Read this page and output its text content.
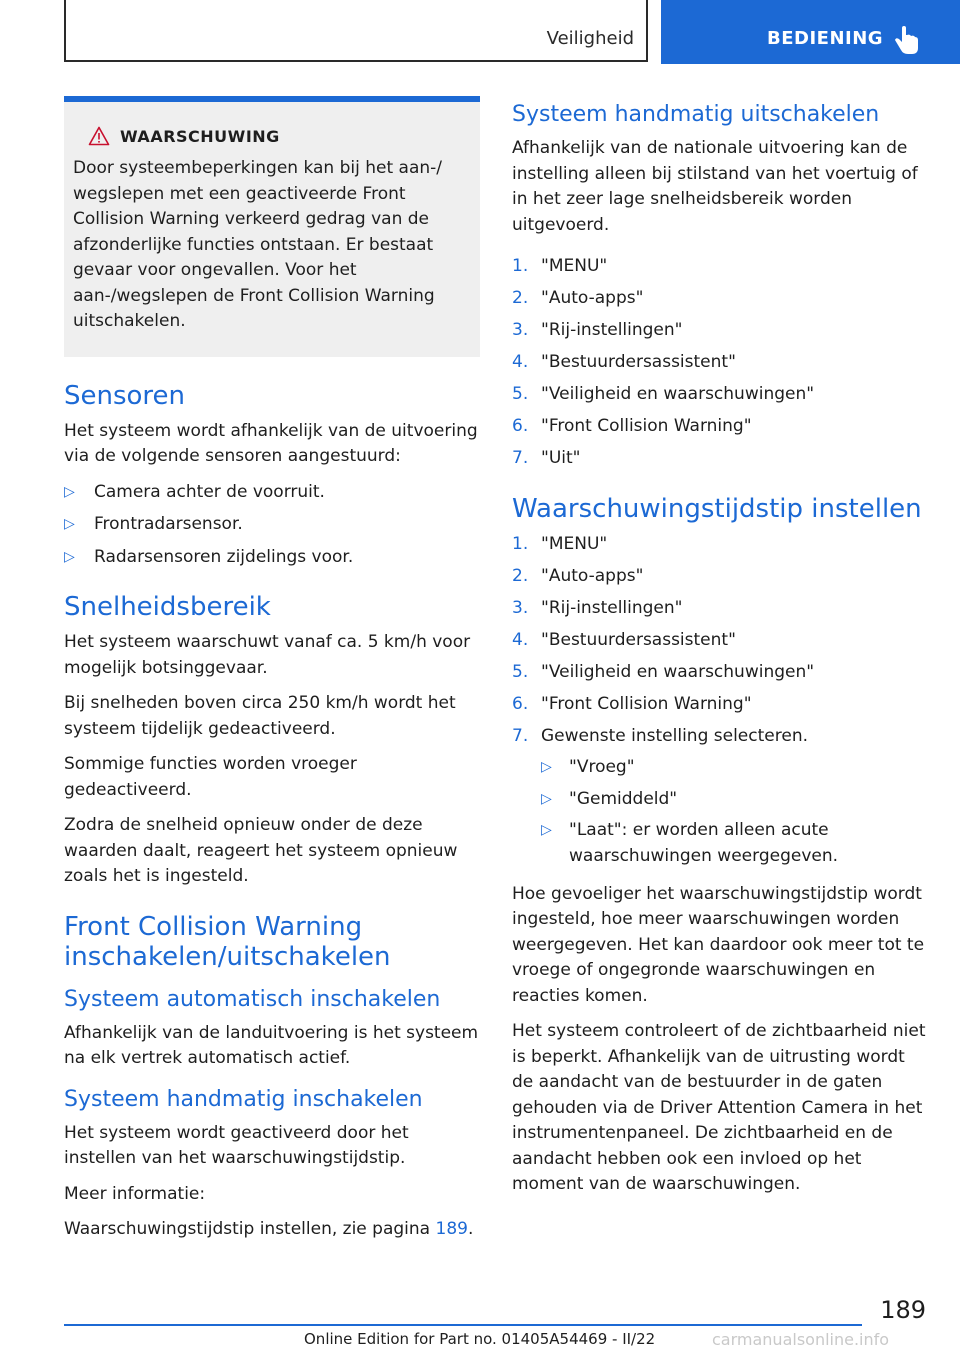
Veiligheid	BEDIENING
WAARSCHUWING
Door systeembeperkingen kan bij het aan-/ wegslepen met een geactiveerde Front Collision Warning verkeerd gedrag van de afzonderlijke functies ontstaan. Er bestaat gevaar voor ongevallen. Voor het aan-/wegslepen de Front Collision Warning uitschakelen.
Sensoren

Het systeem wordt afhankelijk van de uitvoering via de volgende sensoren aangestuurd:

▷ Camera achter de voorruit.
▷ Frontradarsensor.
▷ Radarsensoren zijdelings voor.
Snelheidsbereik

Het systeem waarschuwt vanaf ca. 5 km/h voor mogelijk botsinggevaar.

Bij snelheden boven circa 250 km/h wordt het systeem tijdelijk gedeactiveerd.

Sommige functies worden vroeger gedeactiveerd.

Zodra de snelheid opnieuw onder de deze waarden daalt, reageert het systeem opnieuw zoals het is ingesteld.

Front Collision Warning
inschakelen/uitschakelen
Systeem automatisch inschakelen

Afhankelijk van de landuitvoering is het systeem na elk vertrek automatisch actief.

Systeem handmatig inschakelen

Het systeem wordt geactiveerd door het instellen van het waarschuwingstijdstip.

Meer informatie:

Waarschuwingstijdstip instellen, zie pagina 189.

Systeem handmatig uitschakelen

Afhankelijk van de nationale uitvoering kan de instelling alleen bij stilstand van het voertuig of in het zeer lage snelheidsbereik worden uitgevoerd.

1. "MENU"
2. "Auto-apps"
3. "Rij-instellingen"
4. "Bestuurdersassistent"
5. "Veiligheid en waarschuwingen"
6. "Front Collision Warning"
7. "Uit"
Waarschuwingstijdstip instellen
1. "MENU"
2. "Auto-apps"
3. "Rij-instellingen"
4. "Bestuurdersassistent"
5. "Veiligheid en waarschuwingen"
6. "Front Collision Warning"
7. Gewenste instelling selecteren.
▷ "Vroeg"
▷ "Gemiddeld"
▷ "Laat": er worden alleen acute waarschuwingen weergegeven.

Hoe gevoeliger het waarschuwingstijdstip wordt ingesteld, hoe meer waarschuwingen worden weergegeven. Het kan daardoor ook meer tot te vroege of ongegronde waarschuwingen en reacties komen.

Het systeem controleert of de zichtbaarheid niet is beperkt. Afhankelijk van de uitrusting wordt de aandacht van de bestuurder in de gaten gehouden via de Driver Attention Camera in het instrumentenpaneel. De zichtbaarheid en de aandacht hebben ook een invloed op het moment van de waarschuwingen.

189
Online Edition for Part no. 01405A54469 - II/22	carmanualsonline.info
